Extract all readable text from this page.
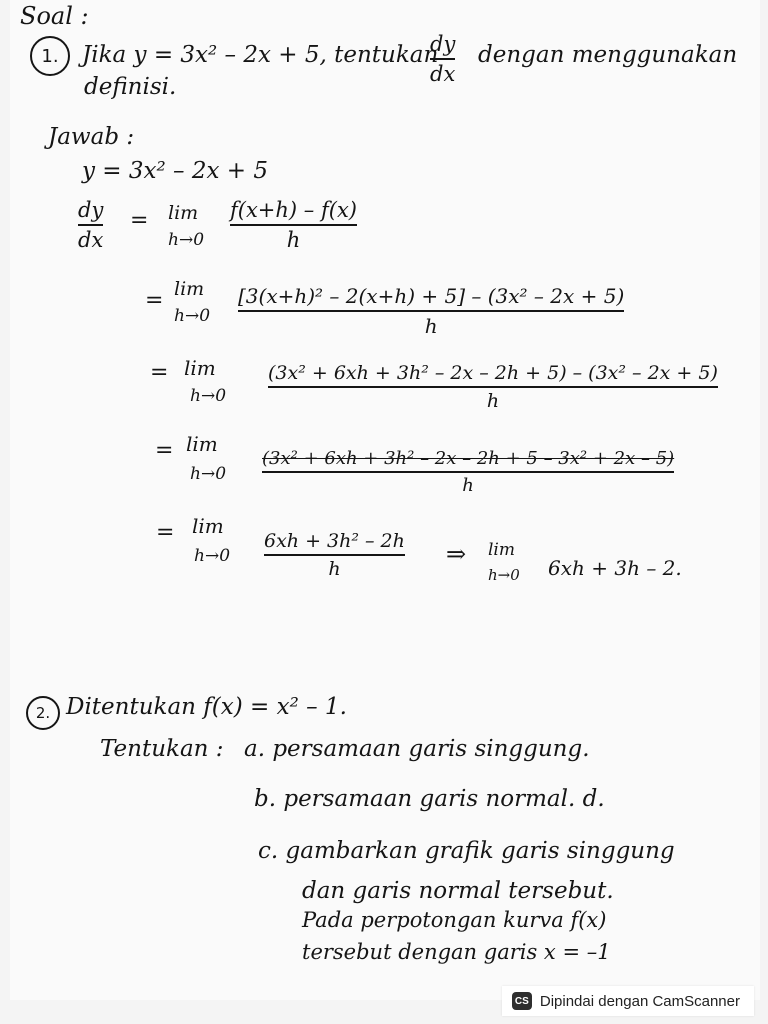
Soal :
1. Jika y = 3x² – 2x + 5, tentukan
dy
dx
dengan menggunakan
definisi.
Jawab :
y = 3x² – 2x + 5
dy
dx
= lim
h→0
f(x+h) – f(x)
h
= lim
h→0
[3(x+h)² – 2(x+h) + 5] – (3x² – 2x + 5)
h
= lim
h→0
(3x² + 6xh + 3h² – 2x – 2h + 5) – (3x² – 2x + 5)
h
= lim
h→0
(3x² + 6xh + 3h² – 2x – 2h + 5 – 3x² + 2x – 5)
h
= lim
h→0
6xh + 3h² – 2h
h
⇒ lim
h→0 6xh + 3h – 2.
2. Ditentukan f(x) = x² – 1.
Tentukan : a. persamaan garis singgung.
b. persamaan garis normal. d.
c. gambarkan grafik garis singgung
dan garis normal tersebut.
Pada perpotongan kurva f(x)
tersebut dengan garis x = –1
CS Dipindai dengan CamScanner
